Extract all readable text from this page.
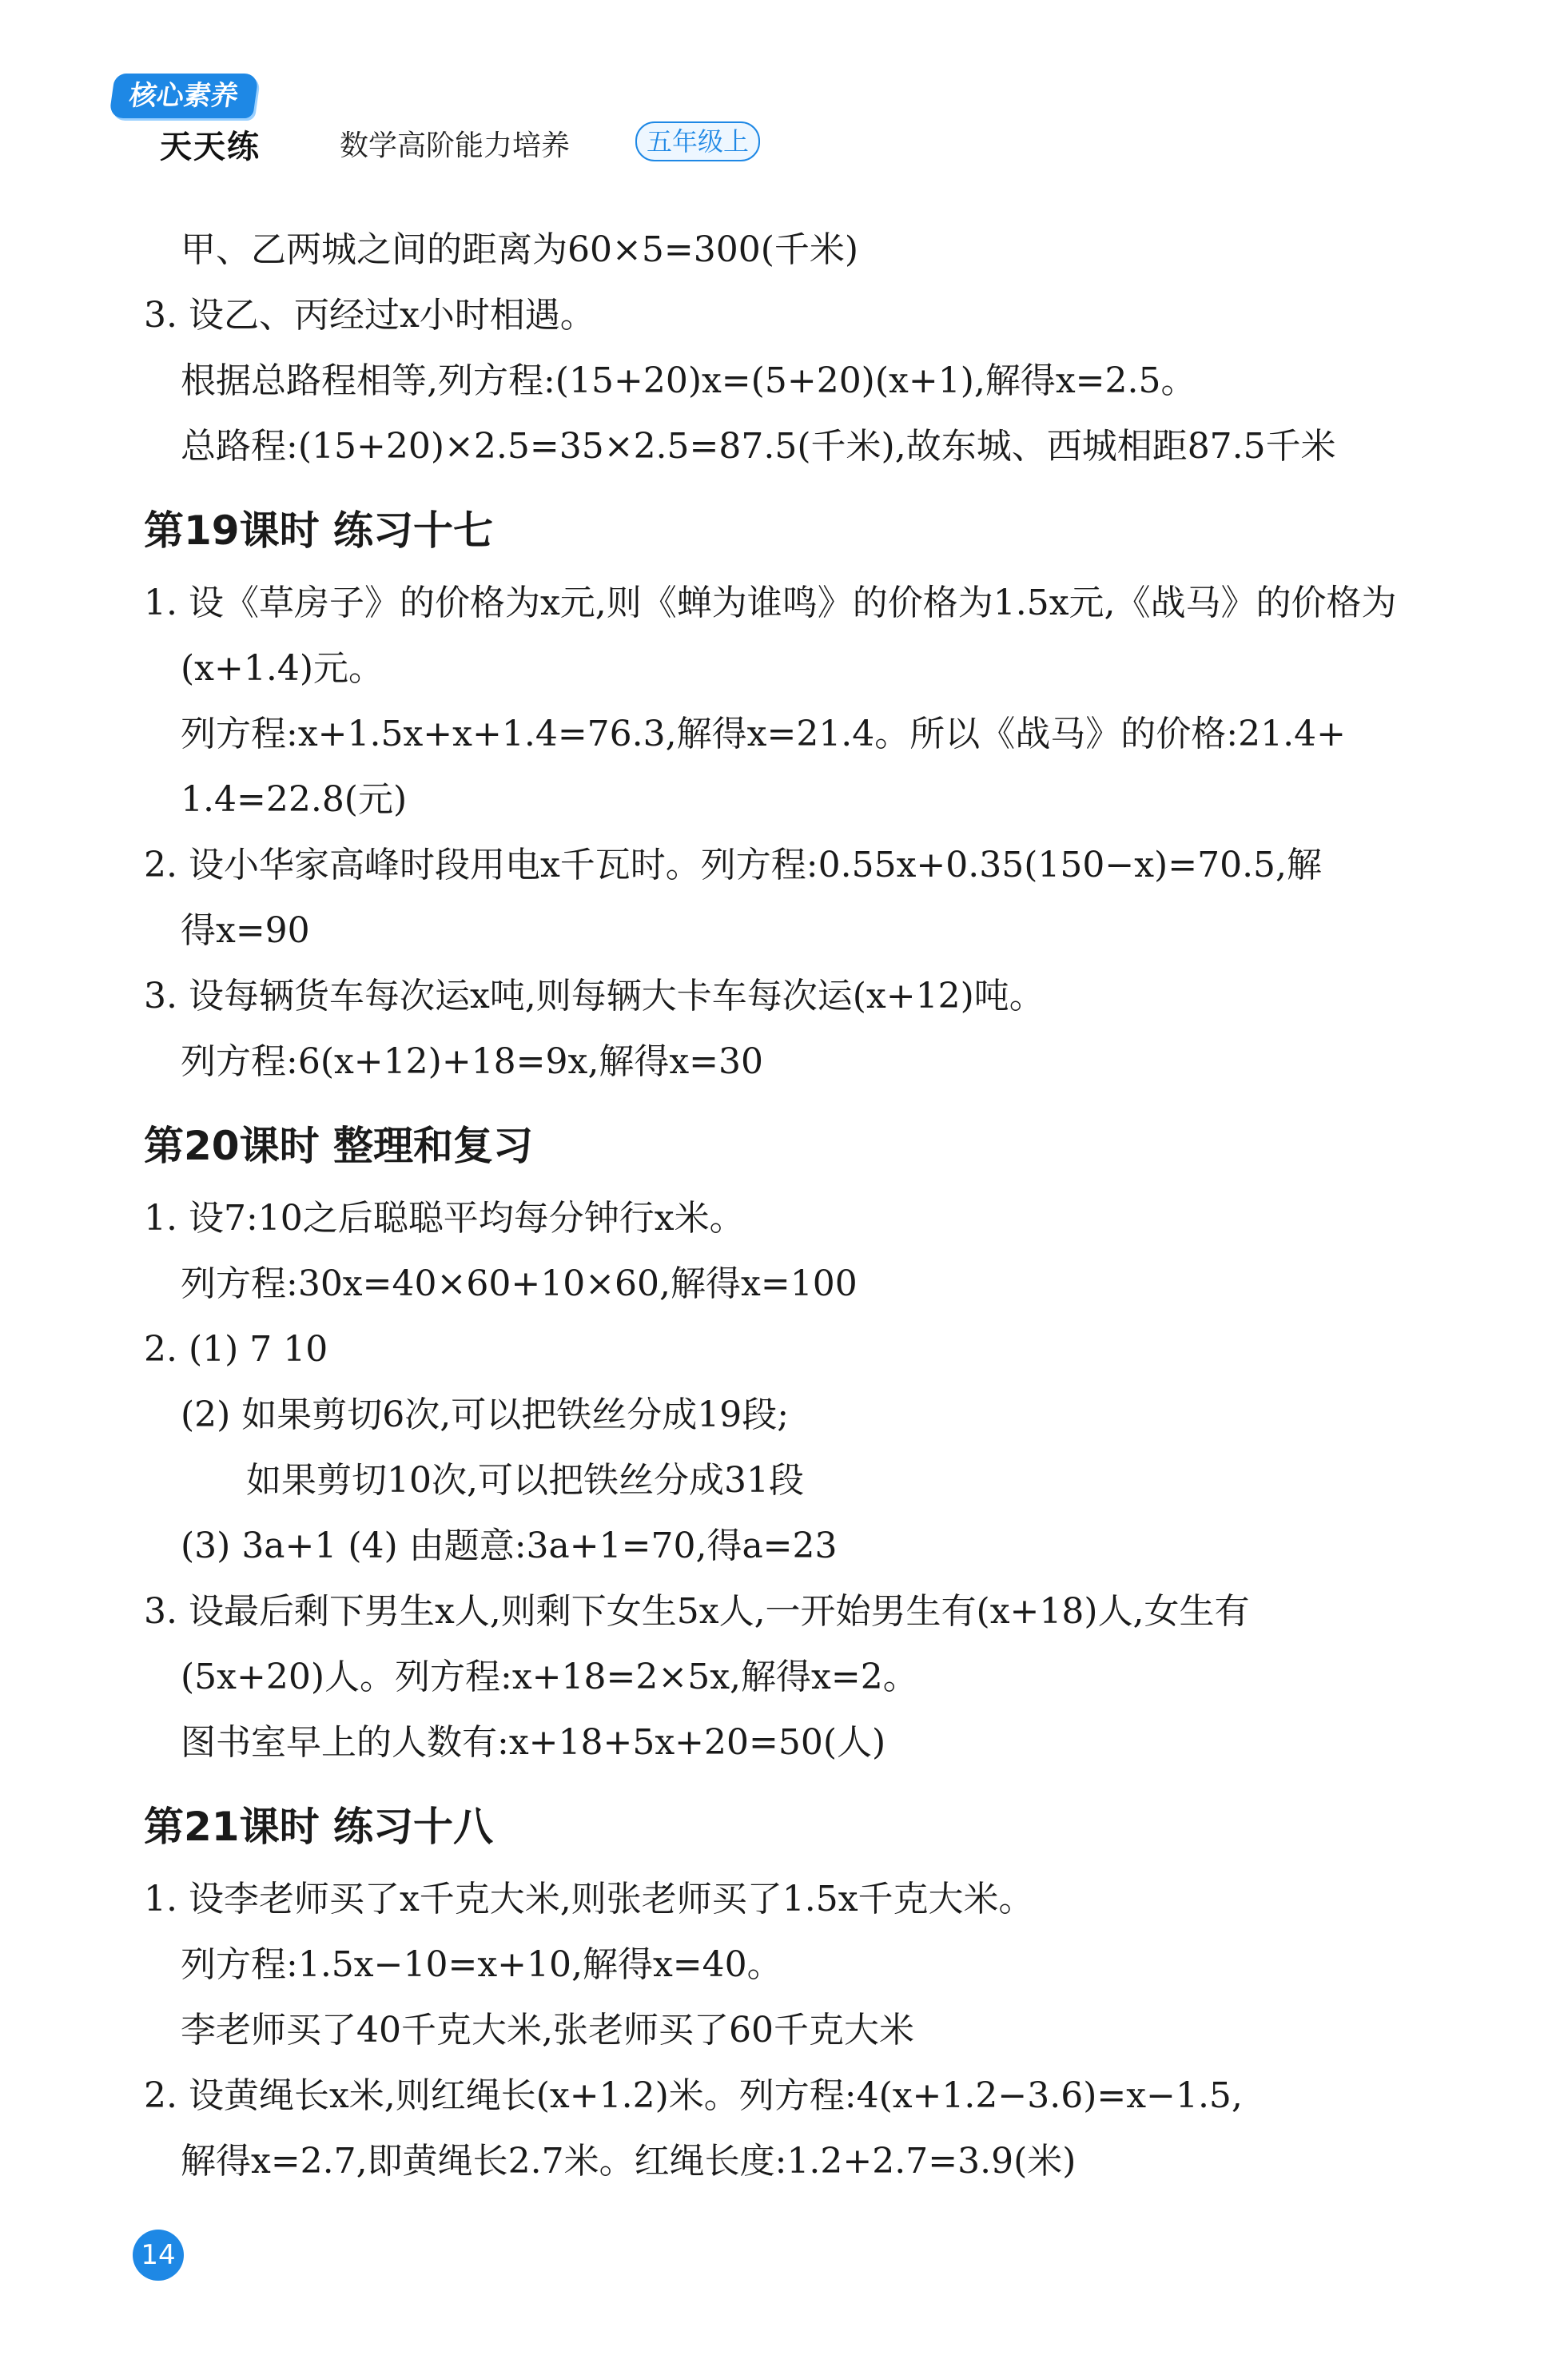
核心素养
天天练	数学高阶能力培养	五年级上
甲、乙两城之间的距离为60×5=300(千米)
3. 设乙、丙经过x小时相遇。
根据总路程相等,列方程:(15+20)x=(5+20)(x+1),解得x=2.5。
总路程:(15+20)×2.5=35×2.5=87.5(千米),故东城、西城相距87.5千米
第19课时 练习十七
1. 设《草房子》的价格为x元,则《蝉为谁鸣》的价格为1.5x元,《战马》的价格为
(x+1.4)元。
列方程:x+1.5x+x+1.4=76.3,解得x=21.4。所以《战马》的价格:21.4+
1.4=22.8(元)
2. 设小华家高峰时段用电x千瓦时。列方程:0.55x+0.35(150−x)=70.5,解
得x=90
3. 设每辆货车每次运x吨,则每辆大卡车每次运(x+12)吨。
列方程:6(x+12)+18=9x,解得x=30
第20课时 整理和复习
1. 设7:10之后聪聪平均每分钟行x米。
列方程:30x=40×60+10×60,解得x=100
2. (1) 7 10
(2) 如果剪切6次,可以把铁丝分成19段;
如果剪切10次,可以把铁丝分成31段
(3) 3a+1 (4) 由题意:3a+1=70,得a=23
3. 设最后剩下男生x人,则剩下女生5x人,一开始男生有(x+18)人,女生有
(5x+20)人。列方程:x+18=2×5x,解得x=2。
图书室早上的人数有:x+18+5x+20=50(人)
第21课时 练习十八
1. 设李老师买了x千克大米,则张老师买了1.5x千克大米。
列方程:1.5x−10=x+10,解得x=40。
李老师买了40千克大米,张老师买了60千克大米
2. 设黄绳长x米,则红绳长(x+1.2)米。列方程:4(x+1.2−3.6)=x−1.5,
解得x=2.7,即黄绳长2.7米。红绳长度:1.2+2.7=3.9(米)
14
